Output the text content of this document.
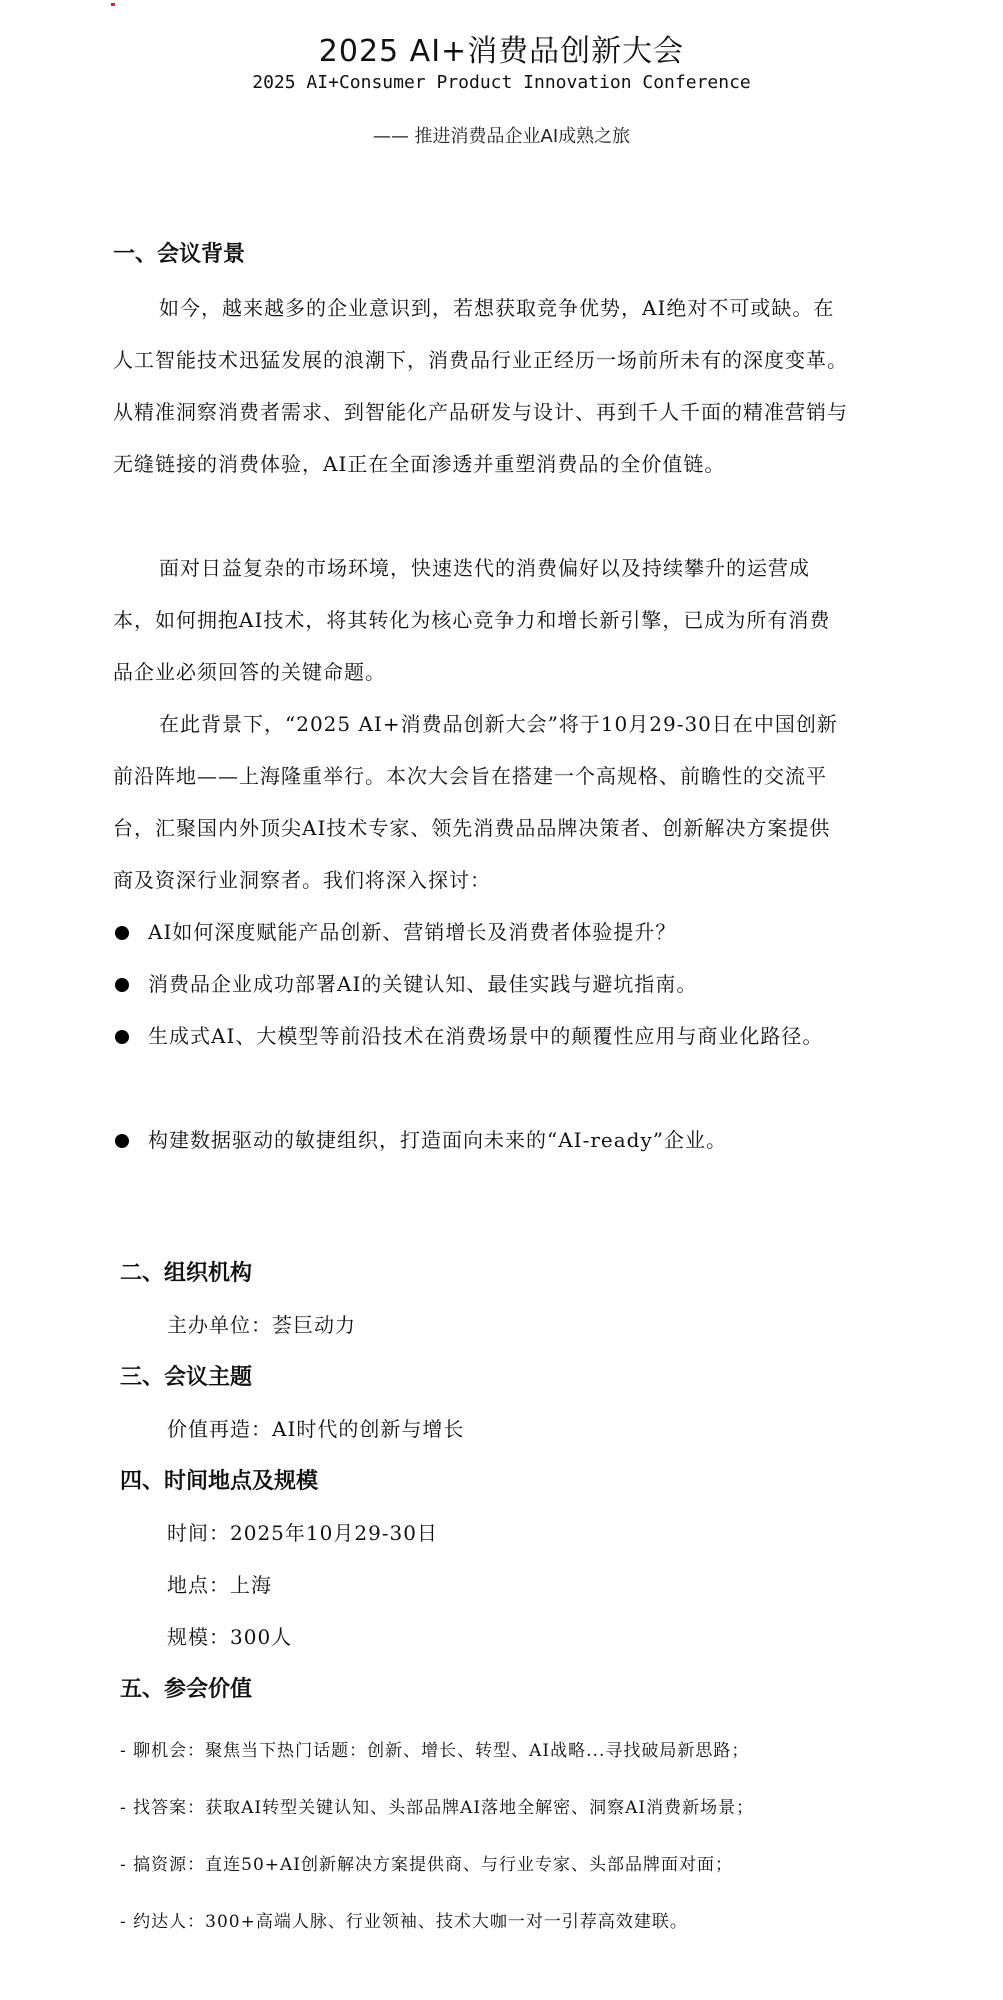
2025 AI+消费品创新大会
2025 AI+Consumer Product Innovation Conference
—— 推进消费品企业AI成熟之旅
一、会议背景
如今，越来越多的企业意识到，若想获取竞争优势，AI绝对不可或缺。在人工智能技术迅猛发展的浪潮下，消费品行业正经历一场前所未有的深度变革。从精准洞察消费者需求、到智能化产品研发与设计、再到千人千面的精准营销与无缝链接的消费体验，AI正在全面渗透并重塑消费品的全价值链。
面对日益复杂的市场环境，快速迭代的消费偏好以及持续攀升的运营成本，如何拥抱AI技术，将其转化为核心竞争力和增长新引擎，已成为所有消费品企业必须回答的关键命题。
在此背景下，“2025 AI+消费品创新大会”将于10月29-30日在中国创新前沿阵地——上海隆重举行。本次大会旨在搭建一个高规格、前瞻性的交流平台，汇聚国内外顶尖AI技术专家、领先消费品品牌决策者、创新解决方案提供商及资深行业洞察者。我们将深入探讨：
AI如何深度赋能产品创新、营销增长及消费者体验提升？
消费品企业成功部署AI的关键认知、最佳实践与避坑指南。
生成式AI、大模型等前沿技术在消费场景中的颠覆性应用与商业化路径。
构建数据驱动的敏捷组织，打造面向未来的“AI-ready”企业。
二、组织机构
主办单位：荟巨动力
三、会议主题
价值再造：AI时代的创新与增长
四、时间地点及规模
时间：2025年10月29-30日
地点：上海
规模：300人
五、参会价值
- 聊机会：聚焦当下热门话题：创新、增长、转型、AI战略...寻找破局新思路；
- 找答案：获取AI转型关键认知、头部品牌AI落地全解密、洞察AI消费新场景；
- 搞资源：直连50+AI创新解决方案提供商、与行业专家、头部品牌面对面；
- 约达人：300+高端人脉、行业领袖、技术大咖一对一引荐高效建联。
